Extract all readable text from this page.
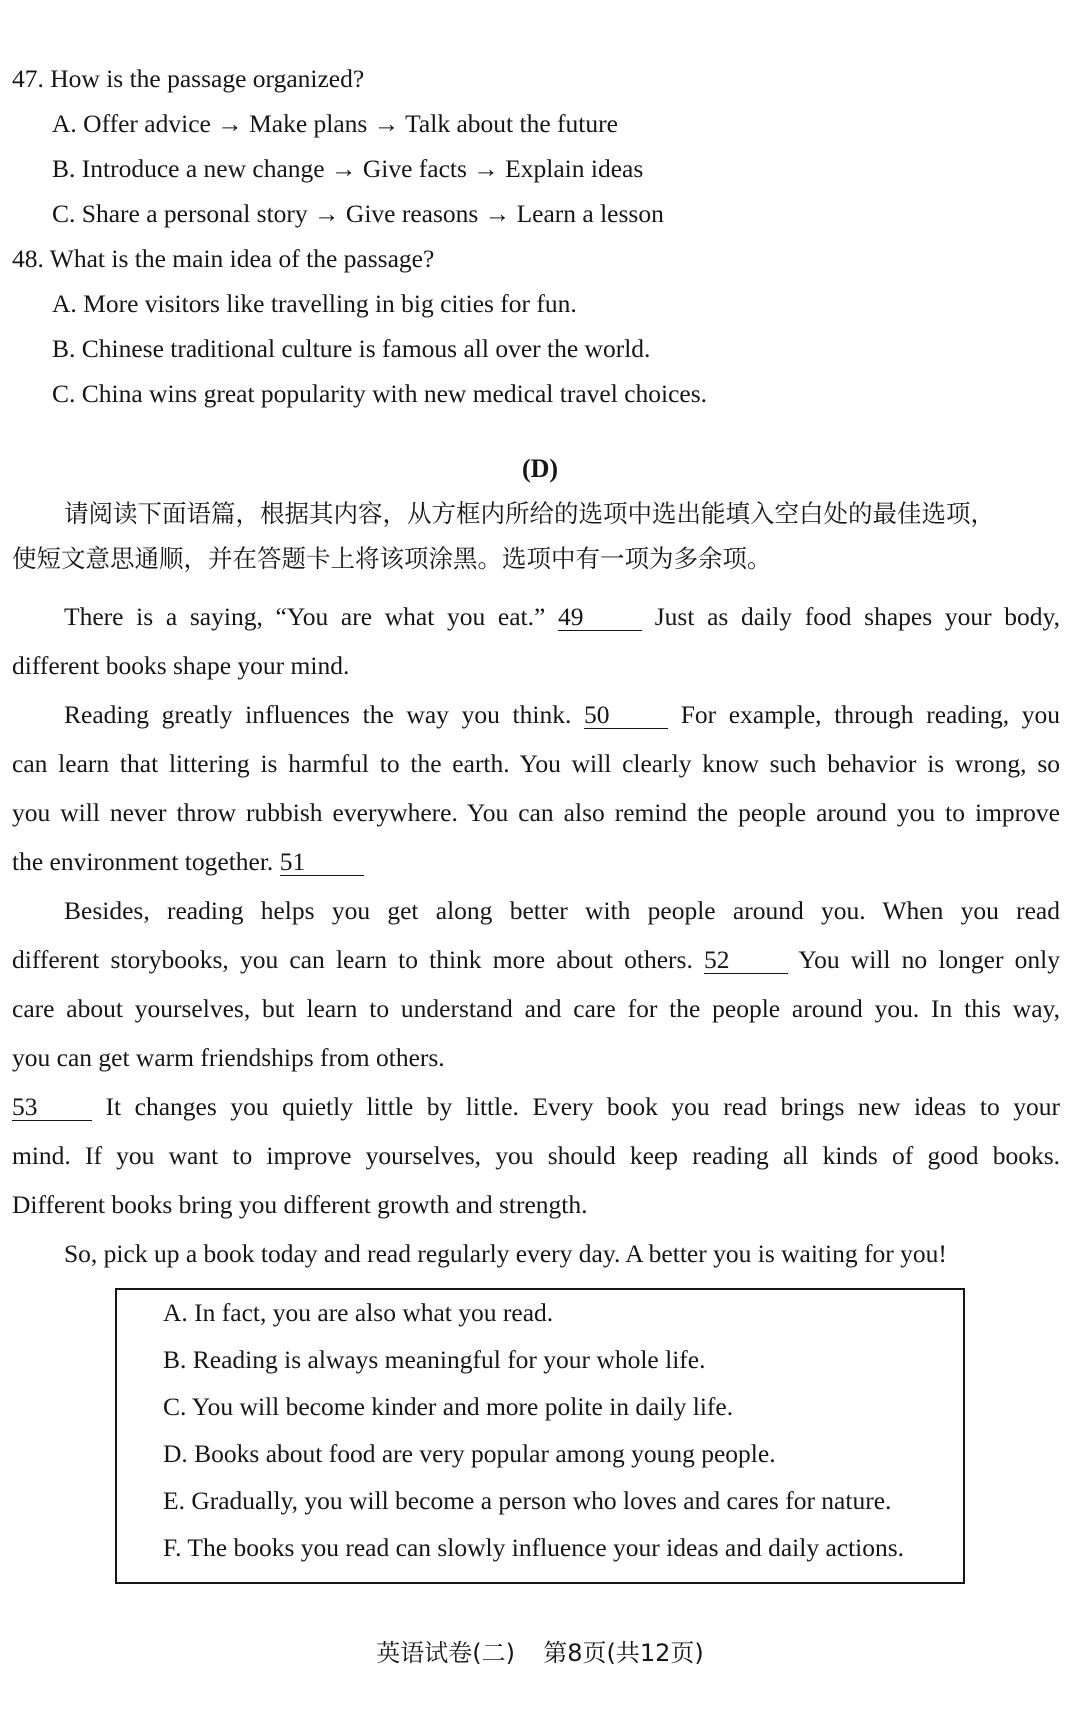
47. How is the passage organized?
A. Offer advice → Make plans → Talk about the future
B. Introduce a new change → Give facts → Explain ideas
C. Share a personal story → Give reasons → Learn a lesson
48. What is the main idea of the passage?
A. More visitors like travelling in big cities for fun.
B. Chinese traditional culture is famous all over the world.
C. China wins great popularity with new medical travel choices.
(D)
请阅读下面语篇，根据其内容，从方框内所给的选项中选出能填入空白处的最佳选项，
使短文意思通顺，并在答题卡上将该项涂黑。选项中有一项为多余项。
There is a saying, “You are what you eat.” 49	Just as daily food shapes your body,
different books shape your mind.
Reading greatly influences the way you think. 50	For example, through reading, you
can learn that littering is harmful to the earth. You will clearly know such behavior is wrong, so
you will never throw rubbish everywhere. You can also remind the people around you to improve
the environment together. 51
Besides, reading helps you get along better with people around you. When you read
different storybooks, you can learn to think more about others. 52	You will no longer only
care about yourselves, but learn to understand and care for the people around you. In this way,
you can get warm friendships from others.
53	It changes you quietly little by little. Every book you read brings new ideas to your
mind. If you want to improve yourselves, you should keep reading all kinds of good books.
Different books bring you different growth and strength.
So, pick up a book today and read regularly every day. A better you is waiting for you!
A. In fact, you are also what you read.
B. Reading is always meaningful for your whole life.
C. You will become kinder and more polite in daily life.
D. Books about food are very popular among young people.
E. Gradually, you will become a person who loves and cares for nature.
F. The books you read can slowly influence your ideas and daily actions.
英语试卷(二) 第8页(共12页)
